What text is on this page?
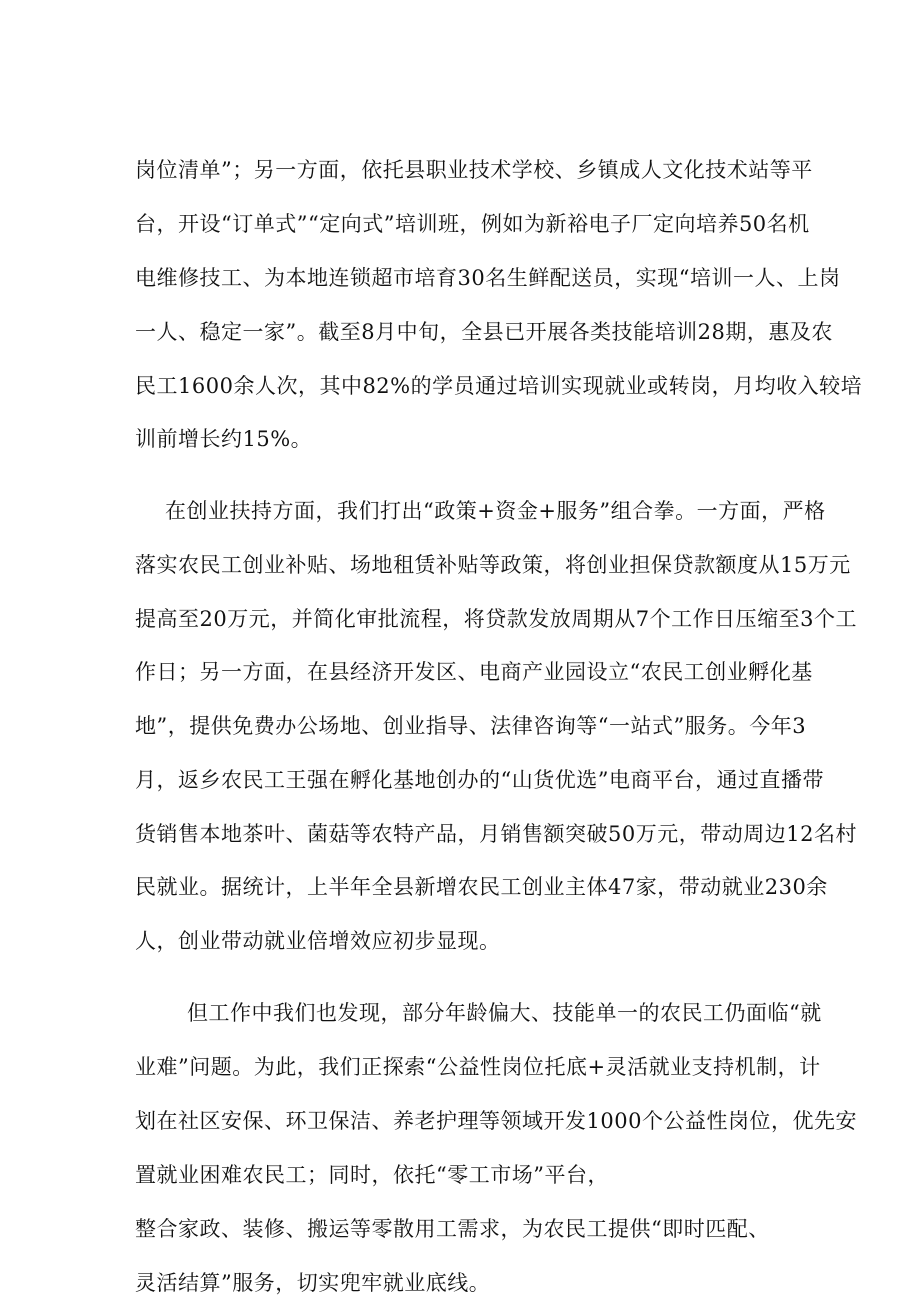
岗位清单”；另一方面，依托县职业技术学校、乡镇成人文化技术站等平
台，开设“订单式”“定向式”培训班，例如为新裕电子厂定向培养50名机
电维修技工、为本地连锁超市培育30名生鲜配送员，实现“培训一人、上岗
一人、稳定一家”。截至8月中旬，全县已开展各类技能培训28期，惠及农
民工1600余人次，其中82%的学员通过培训实现就业或转岗，月均收入较培
训前增长约15%。
在创业扶持方面，我们打出“政策+资金+服务”组合拳。一方面，严格
落实农民工创业补贴、场地租赁补贴等政策，将创业担保贷款额度从15万元
提高至20万元，并简化审批流程，将贷款发放周期从7个工作日压缩至3个工
作日；另一方面，在县经济开发区、电商产业园设立“农民工创业孵化基
地”，提供免费办公场地、创业指导、法律咨询等“一站式”服务。今年3
月，返乡农民工王强在孵化基地创办的“山货优选”电商平台，通过直播带
货销售本地茶叶、菌菇等农特产品，月销售额突破50万元，带动周边12名村
民就业。据统计，上半年全县新增农民工创业主体47家，带动就业230余
人，创业带动就业倍增效应初步显现。
但工作中我们也发现，部分年龄偏大、技能单一的农民工仍面临“就
业难”问题。为此，我们正探索“公益性岗位托底+灵活就业支持机制，计
划在社区安保、环卫保洁、养老护理等领域开发1000个公益性岗位，优先安
置就业困难农民工；同时，依托“零工市场”平台，
整合家政、装修、搬运等零散用工需求，为农民工提供“即时匹配、
灵活结算”服务，切实兜牢就业底线。
